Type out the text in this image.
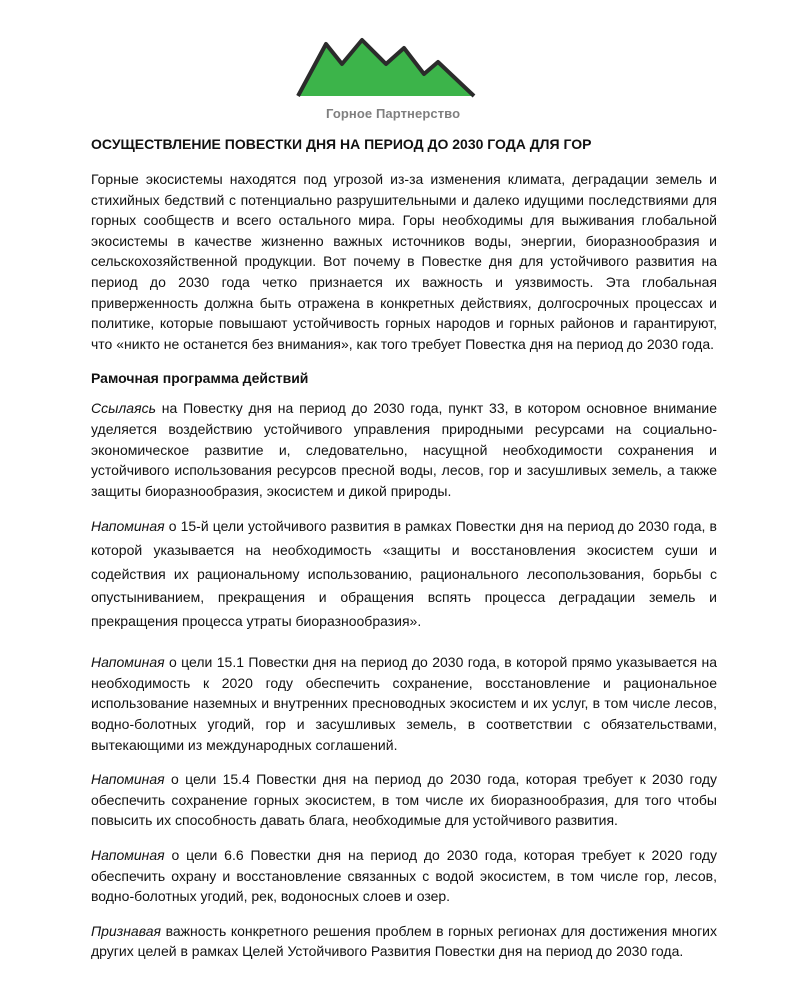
Горное Партнерство
ОСУЩЕСТВЛЕНИЕ ПОВЕСТКИ ДНЯ НА ПЕРИОД ДО 2030 ГОДА ДЛЯ ГОР

Горные экосистемы находятся под угрозой из-за изменения климата, деградации земель и стихийных бедствий с потенциально разрушительными и далеко идущими последствиями для горных сообществ и всего остального мира. Горы необходимы для выживания глобальной экосистемы в качестве жизненно важных источников воды, энергии, биоразнообразия и сельскохозяйственной продукции. Вот почему в Повестке дня для устойчивого развития на период до 2030 года четко признается их важность и уязвимость. Эта глобальная приверженность должна быть отражена в конкретных действиях, долгосрочных процессах и политике, которые повышают устойчивость горных народов и горных районов и гарантируют, что «никто не останется без внимания», как того требует Повестка дня на период до 2030 года.

Рамочная программа действий

Ссылаясь на Повестку дня на период до 2030 года, пункт 33, в котором основное внимание уделяется воздействию устойчивого управления природными ресурсами на социально-экономическое развитие и, следовательно, насущной необходимости сохранения и устойчивого использования ресурсов пресной воды, лесов, гор и засушливых земель, а также защиты биоразнообразия, экосистем и дикой природы.

Напоминая о 15-й цели устойчивого развития в рамках Повестки дня на период до 2030 года, в которой указывается на необходимость «защиты и восстановления экосистем суши и содействия их рациональному использованию, рационального лесопользования, борьбы с опустыниванием, прекращения и обращения вспять процесса деградации земель и прекращения процесса утраты биоразнообразия».

Напоминая о цели 15.1 Повестки дня на период до 2030 года, в которой прямо указывается на необходимость к 2020 году обеспечить сохранение, восстановление и рациональное использование наземных и внутренних пресноводных экосистем и их услуг, в том числе лесов, водно-болотных угодий, гор и засушливых земель, в соответствии с обязательствами, вытекающими из международных соглашений.

Напоминая о цели 15.4 Повестки дня на период до 2030 года, которая требует к 2030 году обеспечить сохранение горных экосистем, в том числе их биоразнообразия, для того чтобы повысить их способность давать блага, необходимые для устойчивого развития.

Напоминая о цели 6.6 Повестки дня на период до 2030 года, которая требует к 2020 году обеспечить охрану и восстановление связанных с водой экосистем, в том числе гор, лесов, водно-болотных угодий, рек, водоносных слоев и озер.

Признавая важность конкретного решения проблем в горных регионах для достижения многих других целей в рамках Целей Устойчивого Развития Повестки дня на период до 2030 года.
